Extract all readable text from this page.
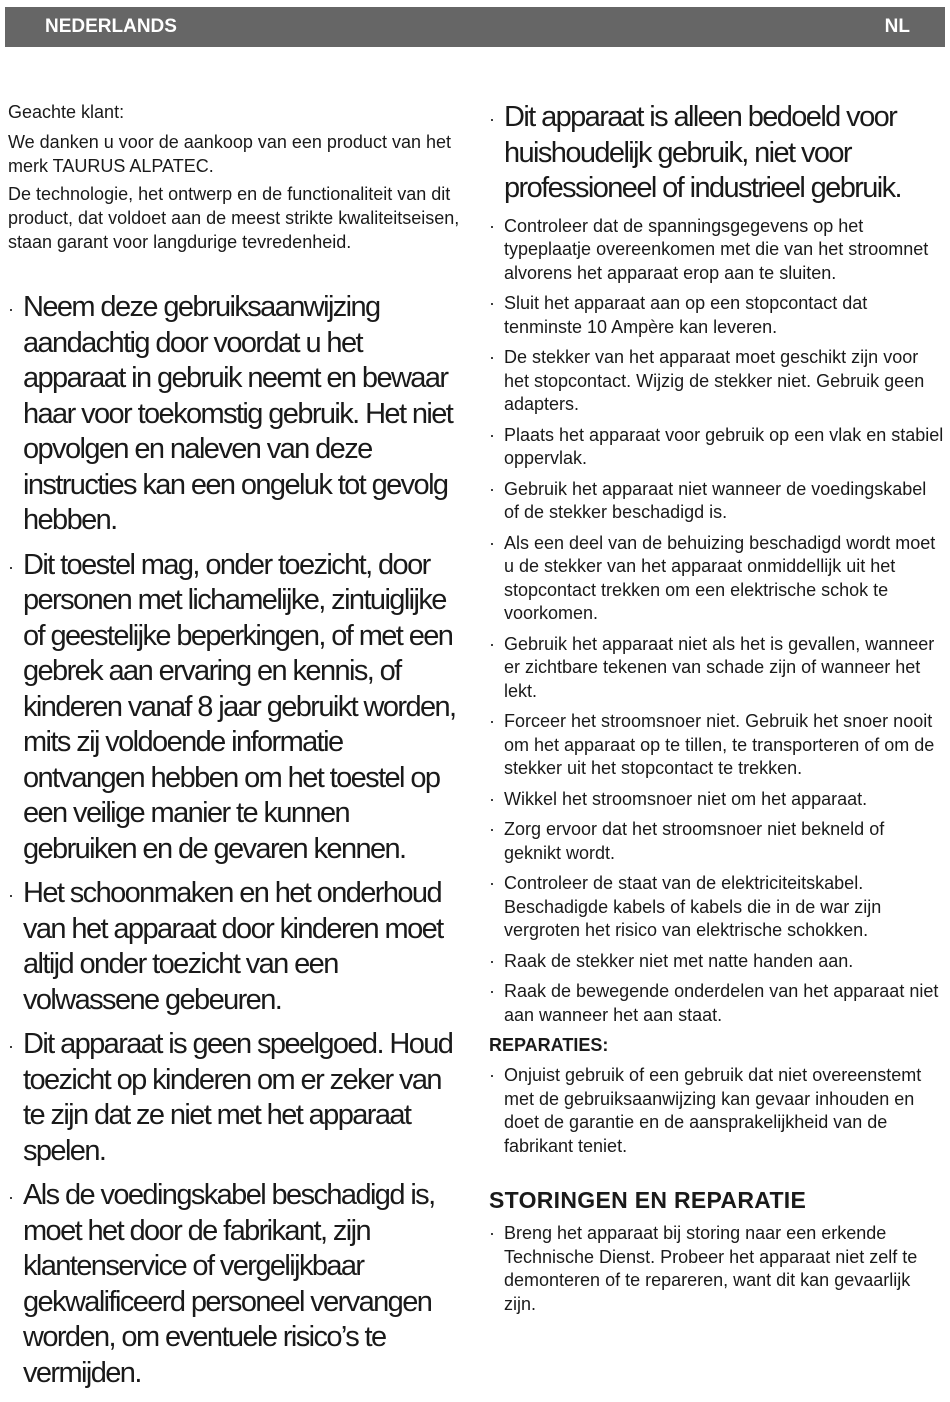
NEDERLANDS	NL

Geachte klant:

We danken u voor de aankoop van een product van het merk TAURUS ALPATEC.

De technologie, het ontwerp en de functionaliteit van dit product, dat voldoet aan de meest strikte kwaliteitseisen, staan garant voor langdurige tevredenheid.

· Neem deze gebruiksaanwijzing aandachtig door voordat u het apparaat in gebruik neemt en bewaar haar voor toekomstig gebruik. Het niet opvolgen en naleven van deze instructies kan een ongeluk tot gevolg hebben.
· Dit toestel mag, onder toezicht, door personen met lichamelijke, zintuiglijke of geestelijke beperkingen, of met een gebrek aan ervaring en kennis, of kinderen vanaf 8 jaar gebruikt worden, mits zij voldoende informatie ontvangen hebben om het toestel op een veilige manier te kunnen gebruiken en de gevaren kennen.
· Het schoonmaken en het onderhoud van het apparaat door kinderen moet altijd onder toezicht van een volwassene gebeuren.
· Dit apparaat is geen speelgoed. Houd toezicht op kinderen om er zeker van te zijn dat ze niet met het apparaat spelen.
· Als de voedingskabel beschadigd is, moet het door de fabrikant, zijn klantenservice of vergelijkbaar gekwalificeerd personeel vervangen worden, om eventuele risico’s te vermijden.
· Dit apparaat is alleen bedoeld voor huishoudelijk gebruik, niet voor professioneel of industrieel gebruik.
· Controleer dat de spanningsgegevens op het typeplaatje overeenkomen met die van het stroomnet alvorens het apparaat erop aan te sluiten.
· Sluit het apparaat aan op een stopcontact dat tenminste 10 Ampère kan leveren.
· De stekker van het apparaat moet geschikt zijn voor het stopcontact. Wijzig de stekker niet. Gebruik geen adapters.
· Plaats het apparaat voor gebruik op een vlak en stabiel oppervlak.
· Gebruik het apparaat niet wanneer de voedingskabel of de stekker beschadigd is.
· Als een deel van de behuizing beschadigd wordt moet u de stekker van het apparaat onmiddellijk uit het stopcontact trekken om een elektrische schok te voorkomen.
· Gebruik het apparaat niet als het is gevallen, wanneer er zichtbare tekenen van schade zijn of wanneer het lekt.
· Forceer het stroomsnoer niet. Gebruik het snoer nooit om het apparaat op te tillen, te transporteren of om de stekker uit het stopcontact te trekken.
· Wikkel het stroomsnoer niet om het apparaat.
· Zorg ervoor dat het stroomsnoer niet bekneld of geknikt wordt.
· Controleer de staat van de elektriciteitskabel. Beschadigde kabels of kabels die in de war zijn vergroten het risico van elektrische schokken.
· Raak de stekker niet met natte handen aan.
· Raak de bewegende onderdelen van het apparaat niet aan wanneer het aan staat.
REPARATIES:
· Onjuist gebruik of een gebruik dat niet overeenstemt met de gebruiksaanwijzing kan gevaar inhouden en doet de garantie en de aansprakelijkheid van de fabrikant teniet.
STORINGEN EN REPARATIE
· Breng het apparaat bij storing naar een erkende Technische Dienst. Probeer het apparaat niet zelf te demonteren of te repareren, want dit kan gevaarlijk zijn.
